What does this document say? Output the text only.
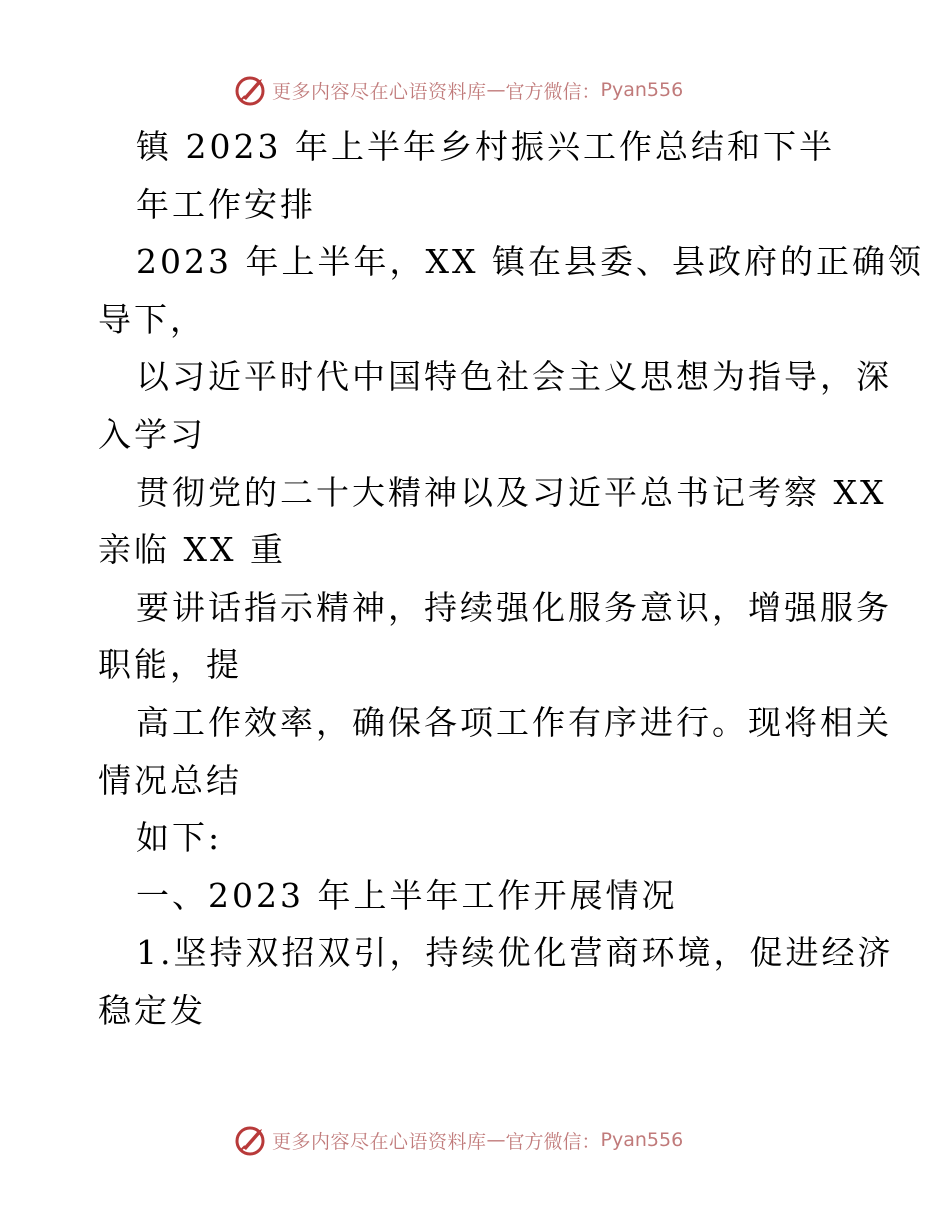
更多内容尽在心语资料库 — 官方微信： Pyan556
镇 2023 年上半年乡村振兴工作总结和下半
年工作安排
2023 年上半年，XX 镇在县委、县政府的正确领
导下，
以习近平时代中国特色社会主义思想为指导，深
入学习
贯彻党的二十大精神以及习近平总书记考察 XX
亲临 XX 重
要讲话指示精神，持续强化服务意识，增强服务
职能，提
高工作效率，确保各项工作有序进行。现将相关
情况总结
如下:
一、2023 年上半年工作开展情况
1.坚持双招双引，持续优化营商环境，促进经济
稳定发
更多内容尽在心语资料库 — 官方微信： Pyan556
